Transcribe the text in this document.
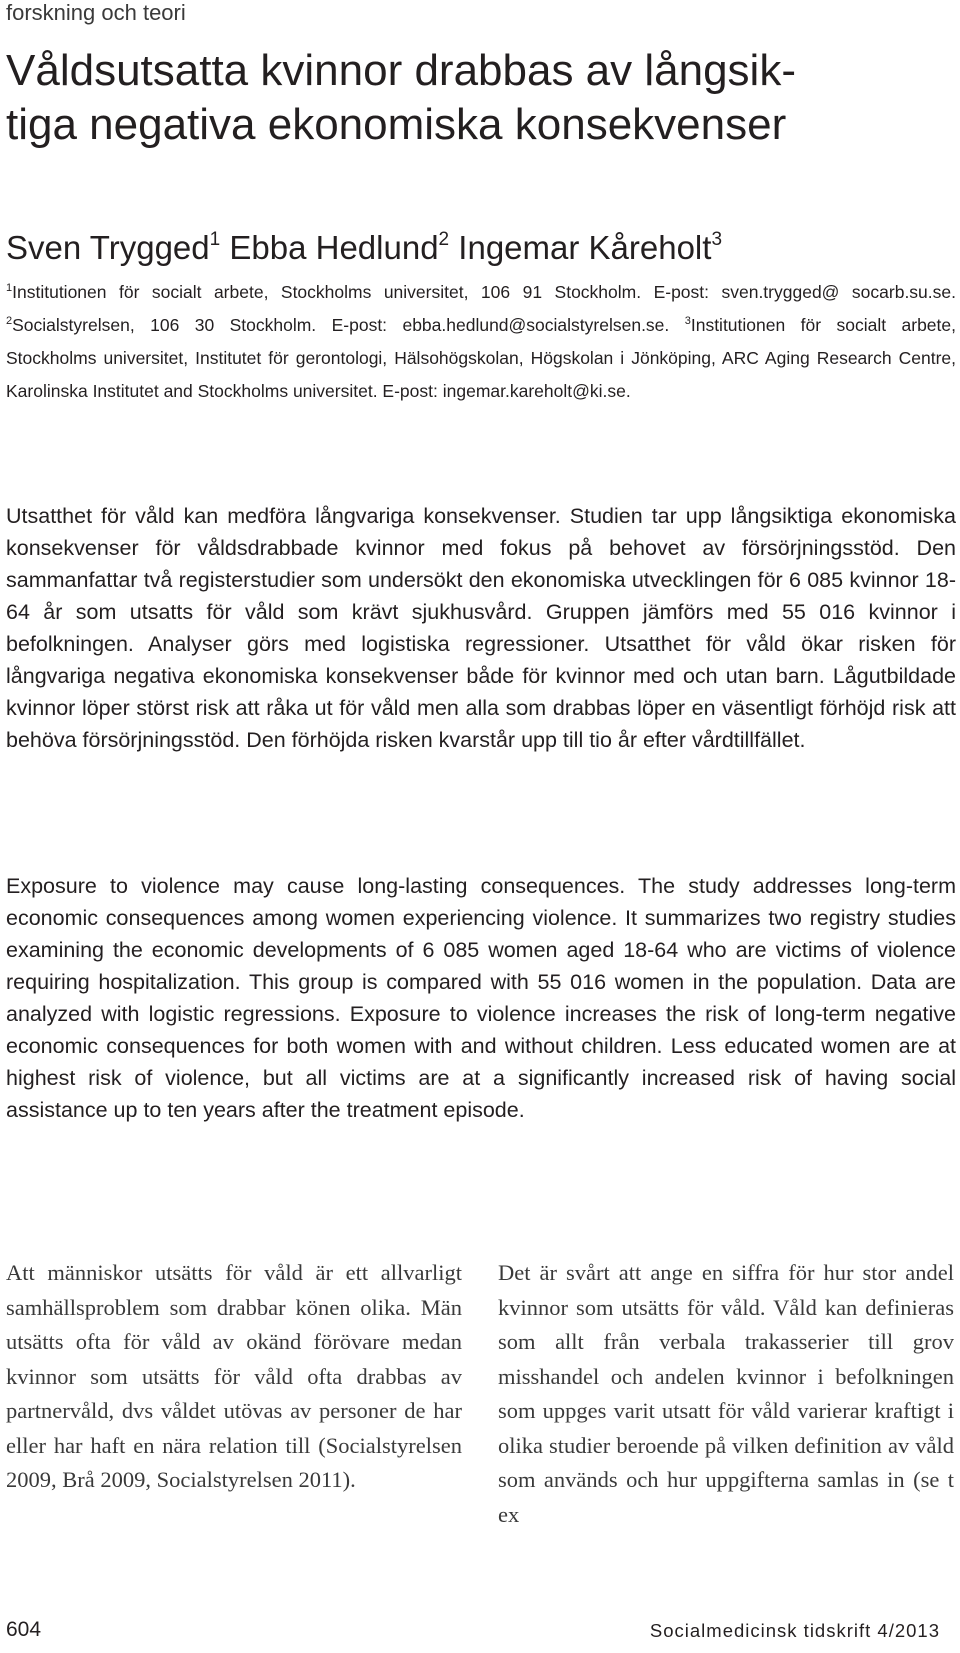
forskning och teori
Våldsutsatta kvinnor drabbas av långsik-
tiga negativa ekonomiska konsekvenser
Sven Trygged$^1$ Ebba Hedlund$^2$ Ingemar Kåreholt$^3$
$^1$Institutionen för socialt arbete, Stockholms universitet, 106 91 Stockholm. E-post: sven.trygged@ socarb.su.se. $^2$Socialstyrelsen, 106 30 Stockholm. E-post: ebba.hedlund@socialstyrelsen.se. $^3$Institutionen för socialt arbete, Stockholms universitet, Institutet för gerontologi, Hälsohögskolan, Högskolan i Jönköping, ARC Aging Research Centre, Karolinska Institutet and Stockholms universitet. E-post: ingemar.kareholt@ki.se.

Utsatthet för våld kan medföra långvariga konsekvenser. Studien tar upp långsiktiga ekonomiska konsekvenser för våldsdrabbade kvinnor med fokus på behovet av försörjningsstöd. Den sammanfattar två registerstudier som undersökt den ekonomiska utvecklingen för 6 085 kvinnor 18-64 år som utsatts för våld som krävt sjukhusvård. Gruppen jämförs med 55 016 kvinnor i befolkningen. Analyser görs med logistiska regressioner. Utsatthet för våld ökar risken för långvariga negativa ekonomiska konsekvenser både för kvinnor med och utan barn. Lågutbildade kvinnor löper störst risk att råka ut för våld men alla som drabbas löper en väsentligt förhöjd risk att behöva försörjningsstöd. Den förhöjda risken kvarstår upp till tio år efter vårdtillfället.

Exposure to violence may cause long-lasting consequences. The study addresses long-term economic consequences among women experiencing violence. It summarizes two registry studies examining the economic developments of 6 085 women aged 18-64 who are victims of violence requiring hospitalization. This group is compared with 55 016 women in the population. Data are analyzed with logistic regressions. Exposure to violence increases the risk of long-term negative economic consequences for both women with and without children. Less educated women are at highest risk of violence, but all victims are at a significantly increased risk of having social assistance up to ten years after the treatment episode.

Att människor utsätts för våld är ett allvarligt samhällsproblem som drabbar könen olika. Män utsätts ofta för våld av okänd förövare medan kvinnor som utsätts för våld ofta drabbas av partnervåld, dvs våldet utövas av personer de har eller har haft en nära relation till (Socialstyrelsen 2009, Brå 2009, Socialstyrelsen 2011).

Det är svårt att ange en siffra för hur stor andel kvinnor som utsätts för våld. Våld kan definieras som allt från verbala trakasserier till grov misshandel och andelen kvinnor i befolkningen som uppges varit utsatt för våld varierar kraftigt i olika studier beroende på vilken definition av våld som används och hur uppgifterna samlas in (se t ex

604	Socialmedicinsk tidskrift 4/2013
